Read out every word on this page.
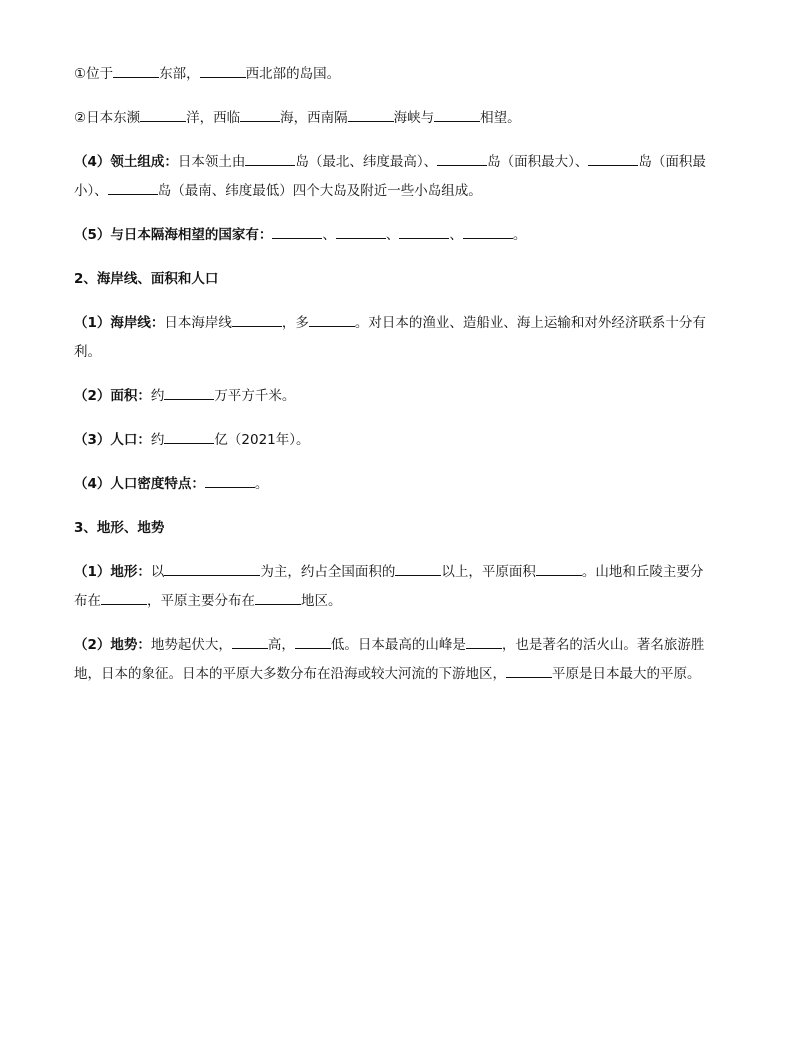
①位于	东部，	西北部的岛国。
②日本东濒	洋，西临	海，西南隔	海峡与	相望。
（4）领土组成：日本领土由	岛（最北、纬度最高）、	岛（面积最大）、	岛（面积最
小）、	岛（最南、纬度最低）四个大岛及附近一些小岛组成。
（5）与日本隔海相望的国家有：	、	、	、	。
2、海岸线、面积和人口
（1）海岸线：日本海岸线	，多	。对日本的渔业、造船业、海上运输和对外经济联系十分有
利。
（2）面积：约	万平方千米。
（3）人口：约	亿（2021年）。
（4）人口密度特点：	。
3、地形、地势
（1）地形：以	为主，约占全国面积的	以上，平原面积	。山地和丘陵主要分
布在	，平原主要分布在	地区。
（2）地势：地势起伏大，	高，	低。日本最高的山峰是	，也是著名的活火山。著名旅游胜
地，日本的象征。日本的平原大多数分布在沿海或较大河流的下游地区，	平原是日本最大的平原。
